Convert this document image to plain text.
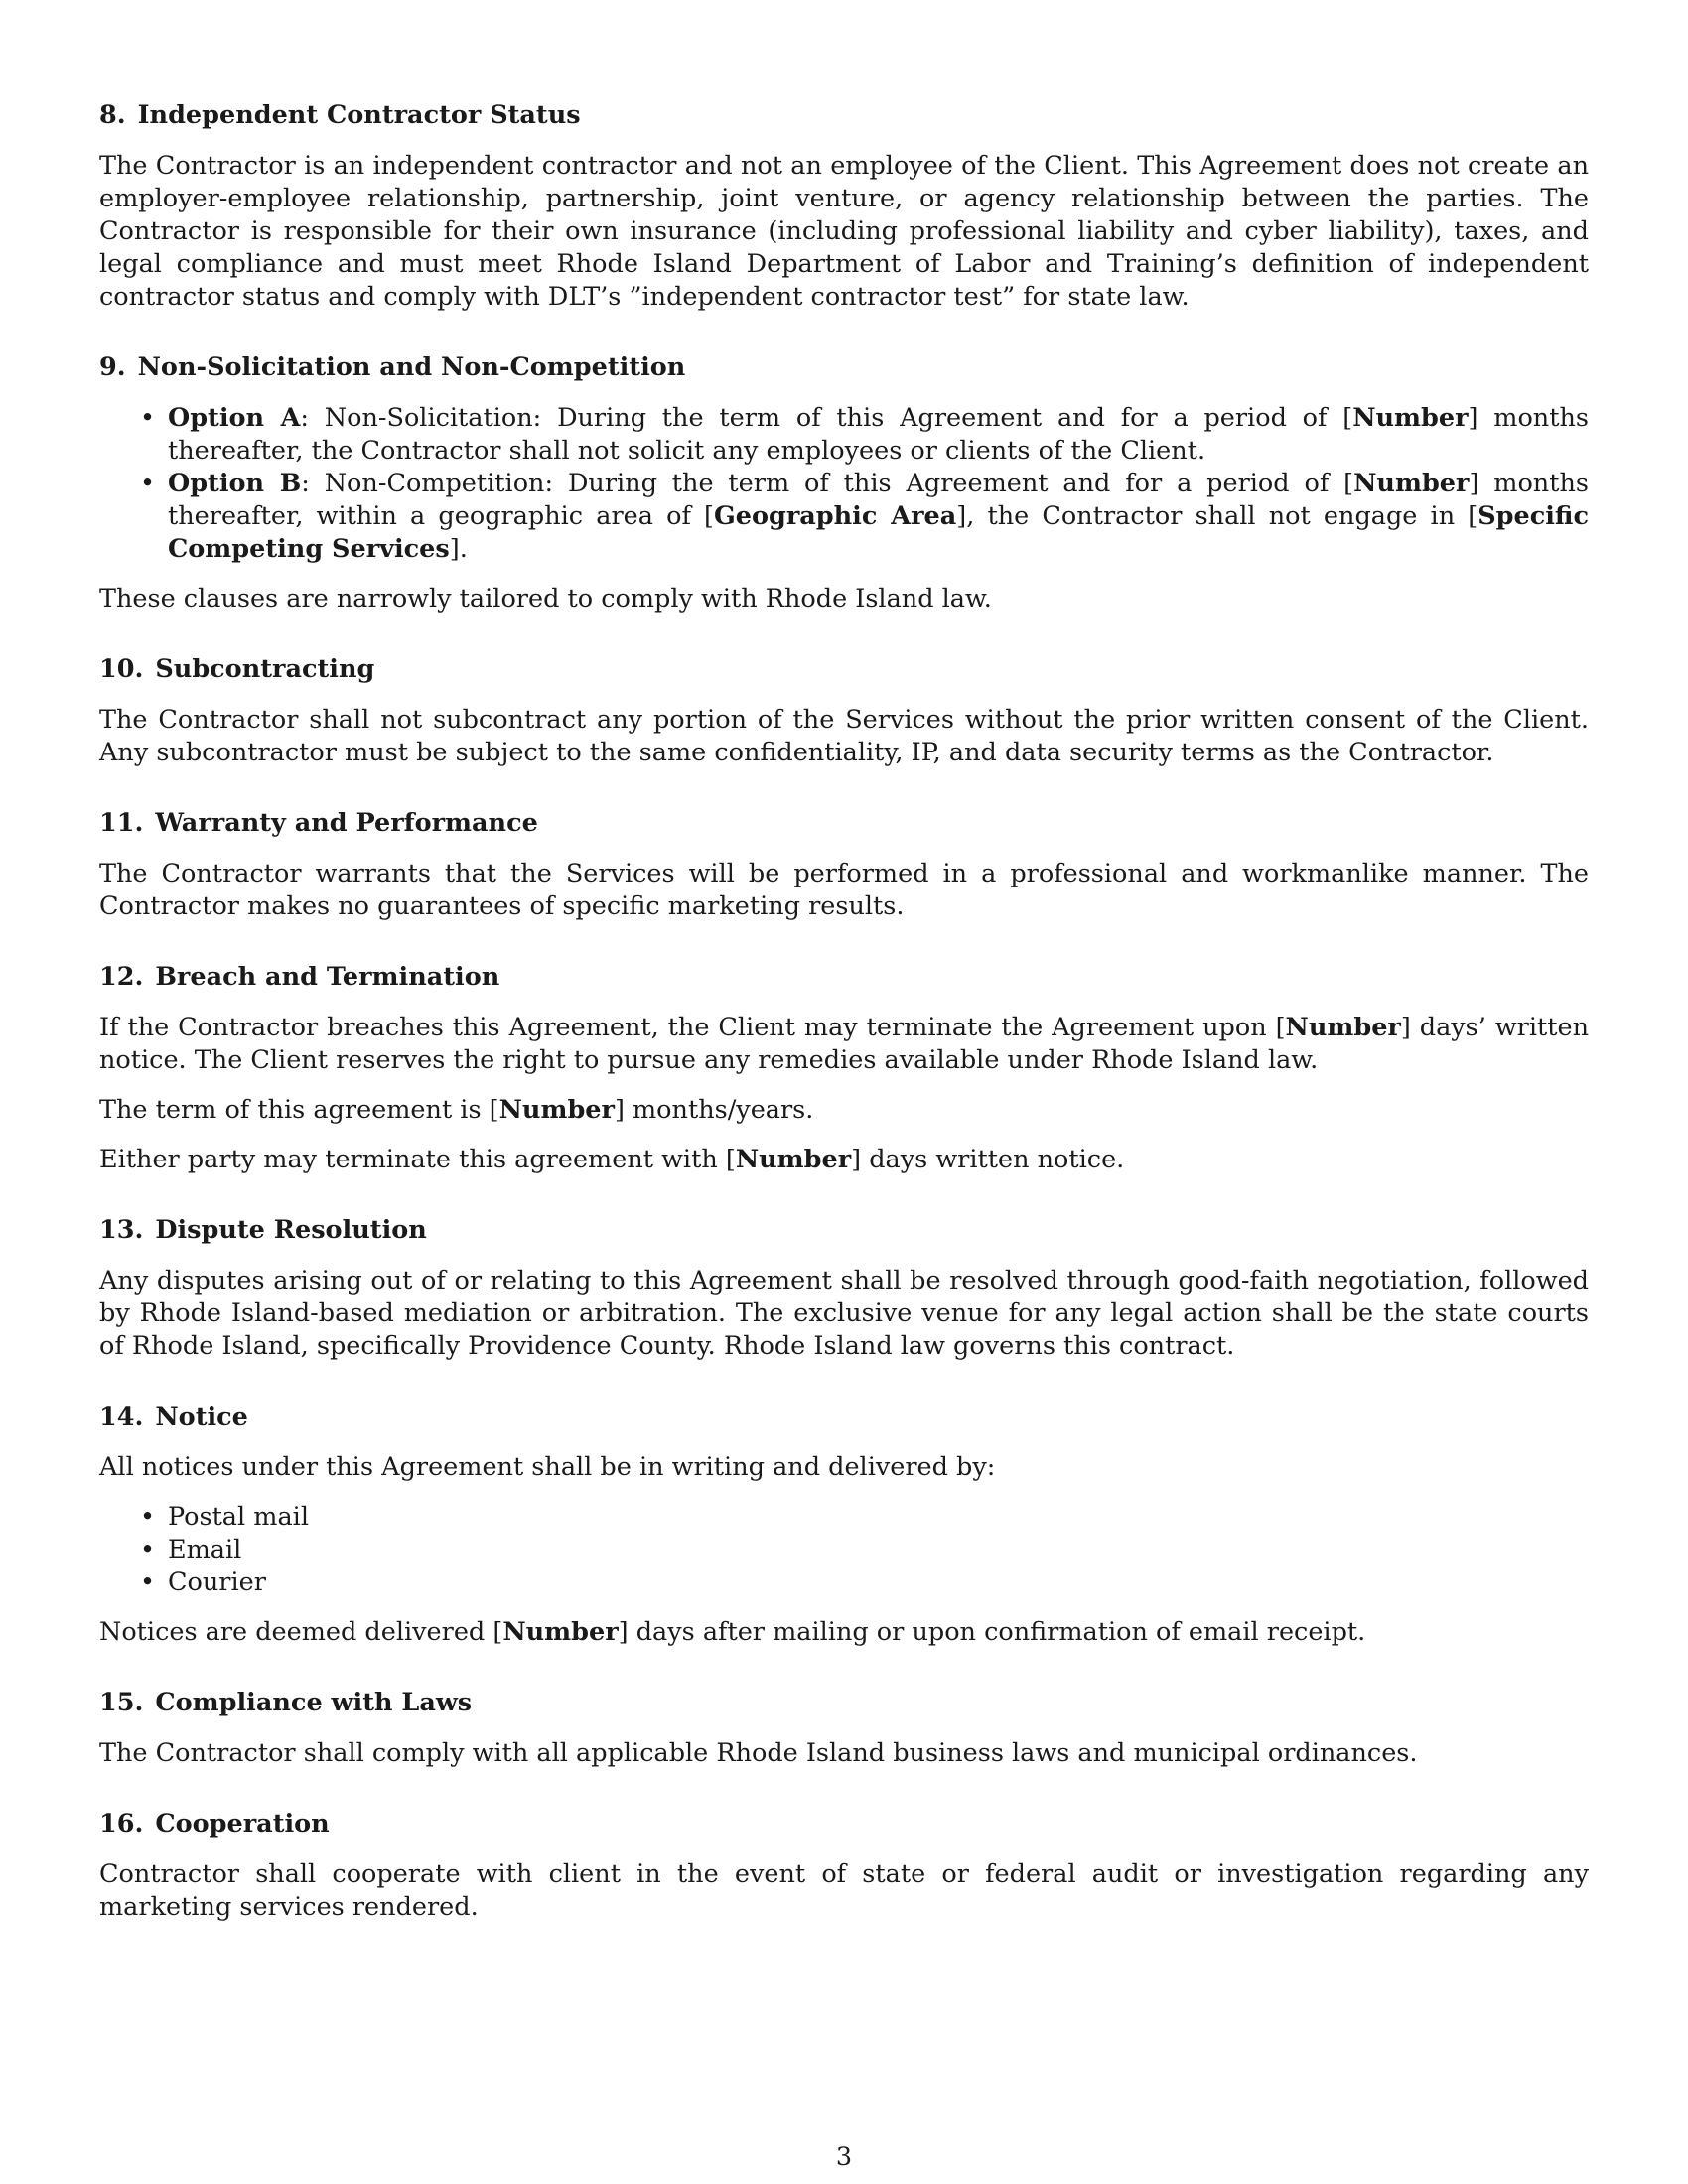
8. Independent Contractor Status

The Contractor is an independent contractor and not an employee of the Client. This Agreement does not create an employer-employee relationship, partnership, joint venture, or agency relationship between the parties. The Contractor is responsible for their own insurance (including professional liability and cyber liability), taxes, and legal compliance and must meet Rhode Island Department of Labor and Training’s definition of independent contractor status and comply with DLT’s ”independent contractor test” for state law.

9. Non-Solicitation and Non-Competition
• Option A: Non-Solicitation: During the term of this Agreement and for a period of [Number] months thereafter, the Contractor shall not solicit any employees or clients of the Client.
• Option B: Non-Competition: During the term of this Agreement and for a period of [Number] months thereafter, within a geographic area of [Geographic Area], the Contractor shall not engage in [Specific Competing Services].

These clauses are narrowly tailored to comply with Rhode Island law.

10. Subcontracting

The Contractor shall not subcontract any portion of the Services without the prior written consent of the Client. Any subcontractor must be subject to the same confidentiality, IP, and data security terms as the Contractor.

11. Warranty and Performance

The Contractor warrants that the Services will be performed in a professional and workmanlike manner. The Contractor makes no guarantees of specific marketing results.

12. Breach and Termination

If the Contractor breaches this Agreement, the Client may terminate the Agreement upon [Number] days’ written notice. The Client reserves the right to pursue any remedies available under Rhode Island law.

The term of this agreement is [Number] months/years.

Either party may terminate this agreement with [Number] days written notice.

13. Dispute Resolution

Any disputes arising out of or relating to this Agreement shall be resolved through good-faith negotiation, followed by Rhode Island-based mediation or arbitration. The exclusive venue for any legal action shall be the state courts of Rhode Island, specifically Providence County. Rhode Island law governs this contract.

14. Notice

All notices under this Agreement shall be in writing and delivered by:

• Postal mail
• Email
• Courier

Notices are deemed delivered [Number] days after mailing or upon confirmation of email receipt.

15. Compliance with Laws

The Contractor shall comply with all applicable Rhode Island business laws and municipal ordinances.

16. Cooperation

Contractor shall cooperate with client in the event of state or federal audit or investigation regarding any marketing services rendered.

3
